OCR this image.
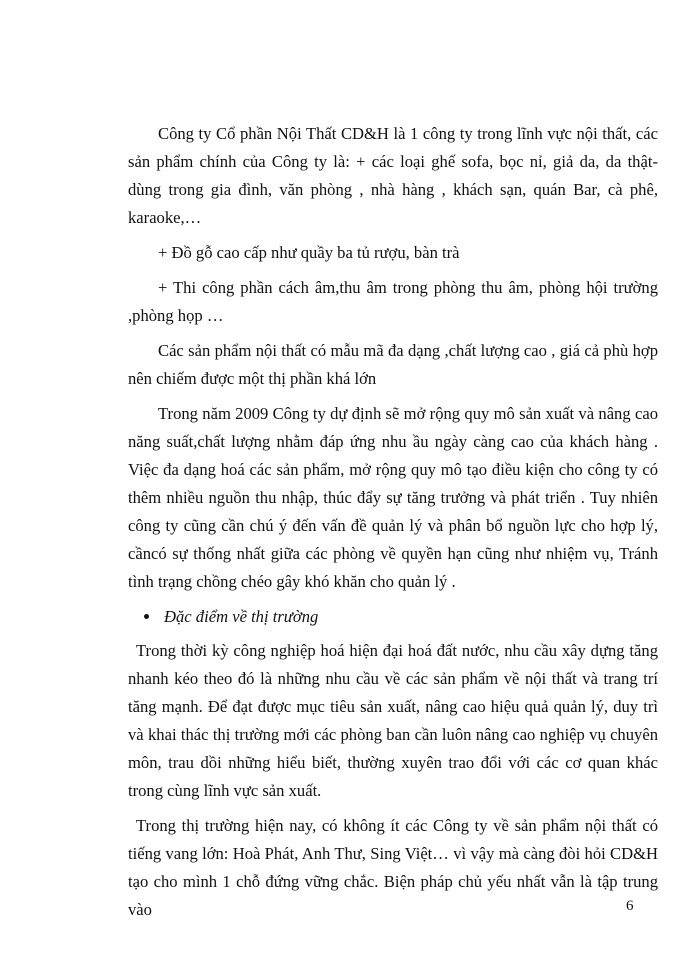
Công ty Cổ phần Nội Thất CD&H là 1 công ty trong lĩnh vực nội thất, các sản phẩm chính của Công ty là: + các loại ghế sofa, bọc nỉ, giả da, da thật- dùng trong gia đình, văn phòng , nhà hàng , khách sạn, quán Bar, cà phê, karaoke,…

+ Đồ gỗ cao cấp như quầy ba tủ rượu, bàn trà

+ Thi công phần cách âm,thu âm trong phòng thu âm, phòng hội trường ,phòng họp …

Các sản phẩm nội thất có mẫu mã đa dạng ,chất lượng cao , giá cả phù hợp nên chiếm được một thị phần khá lớn

Trong năm 2009 Công ty dự định sẽ mở rộng quy mô sản xuất và nâng cao năng suất,chất lượng nhằm đáp ứng nhu ầu ngày càng cao của khách hàng . Việc đa dạng hoá các sản phẩm, mở rộng quy mô tạo điều kiện cho công ty có thêm nhiều nguồn thu nhập, thúc đẩy sự tăng trưởng và phát triển . Tuy nhiên công ty cũng cần chú ý đến vấn đề quản lý và phân bổ nguồn lực cho hợp lý, cầncó sự thống nhất giữa các phòng về quyền hạn cũng như nhiệm vụ, Tránh tình trạng chồng chéo gây khó khăn cho quản lý .

Đặc điểm về thị trường

Trong thời kỳ công nghiệp hoá hiện đại hoá đất nước, nhu cầu xây dựng tăng nhanh kéo theo đó là những nhu cầu về các sản phẩm về nội thất và trang trí tăng mạnh. Để đạt được mục tiêu sản xuất, nâng cao hiệu quả quản lý, duy trì và khai thác thị trường mới các phòng ban cần luôn nâng cao nghiệp vụ chuyên môn, trau dồi những hiểu biết, thường xuyên trao đổi với các cơ quan khác trong cùng lĩnh vực sản xuất.

Trong thị trường hiện nay, có không ít các Công ty về sản phẩm nội thất có tiếng vang lớn: Hoà Phát, Anh Thư, Sing Việt… vì vậy mà càng đòi hỏi CD&H tạo cho mình 1 chỗ đứng vững chắc. Biện pháp chủ yếu nhất vẫn là tập trung vào	6
